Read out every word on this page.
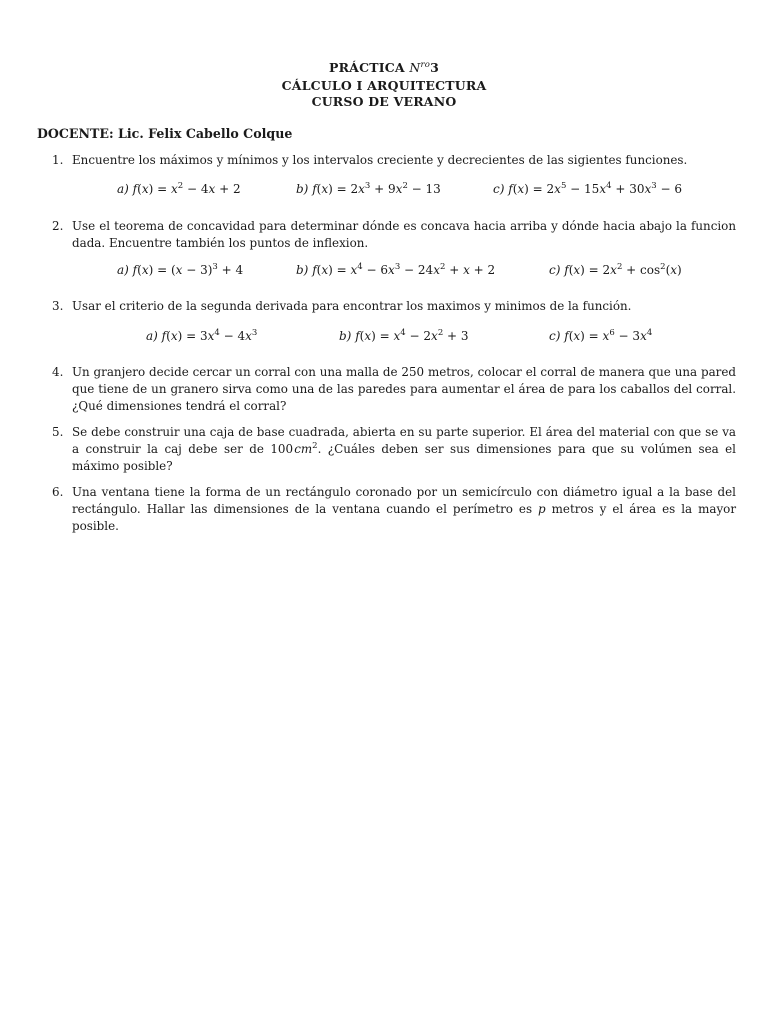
PRÁCTICA $N^{ro}3$
CÁLCULO I ARQUITECTURA
CURSO DE VERANO
DOCENTE: Lic. Felix Cabello Colque
1. Encuentre los máximos y mínimos y los intervalos creciente y decrecientes de las sigientes funciones.
a) $f(x) = x^2 - 4x + 2$	b) $f(x) = 2x^3 + 9x^2 - 13$	c) $f(x) = 2x^5 - 15x^4 + 30x^3 - 6$
2. Use el teorema de concavidad para determinar dónde es concava hacia arriba y dónde hacia abajo la funcion dada. Encuentre también los puntos de inflexion.
a) $f(x) = (x - 3)^3 + 4$	b) $f(x) = x^4 - 6x^3 - 24x^2 + x + 2$	c) $f(x) = 2x^2 + \cos^2(x)$
3. Usar el criterio de la segunda derivada para encontrar los maximos y minimos de la función.
a) $f(x) = 3x^4 - 4x^3$	b) $f(x) = x^4 - 2x^2 + 3$	c) $f(x) = x^6 - 3x^4$
4. Un granjero decide cercar un corral con una malla de 250 metros, colocar el corral de manera que una pared que tiene de un granero sirva como una de las paredes para aumentar el área de para los caballos del corral. ¿Qué dimensiones tendrá el corral?
5. Se debe construir una caja de base cuadrada, abierta en su parte superior. El área del material con que se va a construir la caj debe ser de 100 $cm^2$. ¿Cuáles deben ser sus dimensiones para que su volúmen sea el máximo posible?
6. Una ventana tiene la forma de un rectángulo coronado por un semicírculo con diámetro igual a la base del rectángulo. Hallar las dimensiones de la ventana cuando el perímetro es p metros y el área es la mayor posible.
